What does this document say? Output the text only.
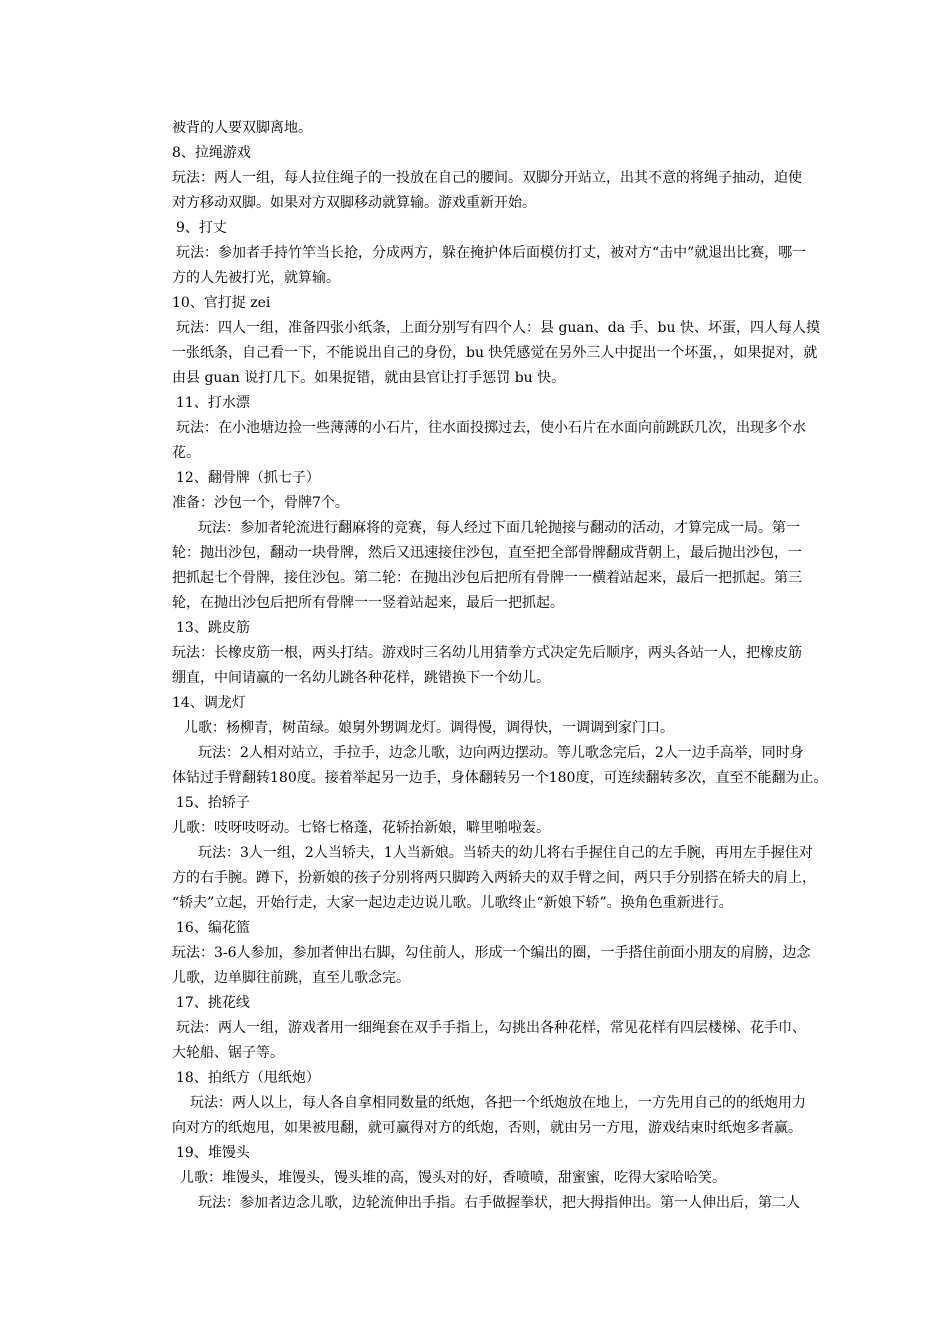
被背的人要双脚离地。
8、拉绳游戏
玩法：两人一组，每人拉住绳子的一投放在自己的腰间。双脚分开站立，出其不意的将绳子抽动，迫使
对方移动双脚。如果对方双脚移动就算输。游戏重新开始。
9、打丈
玩法：参加者手持竹竿当长抢，分成两方，躲在掩护体后面模仿打丈，被对方“击中”就退出比赛，哪一
方的人先被打光，就算输。
10、官打捉 zei
玩法：四人一组，准备四张小纸条，上面分别写有四个人：县 guan、da 手、bu 快、坏蛋，四人每人摸
一张纸条，自己看一下，不能说出自己的身份，bu 快凭感觉在另外三人中捉出一个坏蛋，，如果捉对，就
由县 guan 说打几下。如果捉错，就由县官让打手惩罚 bu 快。
11、打水漂
玩法：在小池塘边捡一些薄薄的小石片，往水面投掷过去，使小石片在水面向前跳跃几次，出现多个水
花。
12、翻骨牌（抓七子）
准备：沙包一个，骨牌7个。
玩法：参加者轮流进行翻麻将的竞赛，每人经过下面几轮抛接与翻动的活动，才算完成一局。第一
轮：抛出沙包，翻动一块骨牌，然后又迅速接住沙包，直至把全部骨牌翻成背朝上，最后抛出沙包，一
把抓起七个骨牌，接住沙包。第二轮：在抛出沙包后把所有骨牌一一横着站起来，最后一把抓起。第三
轮，在抛出沙包后把所有骨牌一一竖着站起来，最后一把抓起。
13、跳皮筋
玩法：长橡皮筋一根，两头打结。游戏时三名幼儿用猜拳方式决定先后顺序，两头各站一人，把橡皮筋
绷直，中间请赢的一名幼儿跳各种花样，跳错换下一个幼儿。
14、调龙灯
儿歌：杨柳青，树苗绿。娘舅外甥调龙灯。调得慢，调得快，一调调到家门口。
玩法：2人相对站立，手拉手，边念儿歌，边向两边摆动。等儿歌念完后，2人一边手高举，同时身
体钻过手臂翻转180度。接着举起另一边手，身体翻转另一个180度，可连续翻转多次，直至不能翻为止。
15、抬轿子
儿歌：吱呀吱呀动。七铬七格蓬，花轿抬新娘，噼里啪啦轰。
玩法：3人一组，2人当轿夫，1人当新娘。当轿夫的幼儿将右手握住自己的左手腕，再用左手握住对
方的右手腕。蹲下，扮新娘的孩子分别将两只脚跨入两轿夫的双手臂之间，两只手分别搭在轿夫的肩上，
“轿夫”立起，开始行走，大家一起边走边说儿歌。儿歌终止“新娘下轿”。换角色重新进行。
16、编花篮
玩法：3-6人参加，参加者伸出右脚，勾住前人，形成一个编出的圈，一手搭住前面小朋友的肩膀，边念
儿歌，边单脚往前跳，直至儿歌念完。
17、挑花线
玩法：两人一组，游戏者用一细绳套在双手手指上，勾挑出各种花样，常见花样有四层楼梯、花手巾、
大轮船、锯子等。
18、拍纸方（甩纸炮）
玩法：两人以上，每人各自拿相同数量的纸炮，各把一个纸炮放在地上，一方先用自己的的纸炮用力
向对方的纸炮甩，如果被甩翻，就可赢得对方的纸炮，否则，就由另一方甩，游戏结束时纸炮多者赢。
19、堆馒头
儿歌：堆馒头，堆馒头，馒头堆的高，馒头对的好，香喷喷，甜蜜蜜，吃得大家哈哈笑。
玩法：参加者边念儿歌，边轮流伸出手指。右手做握拳状，把大拇指伸出。第一人伸出后，第二人
